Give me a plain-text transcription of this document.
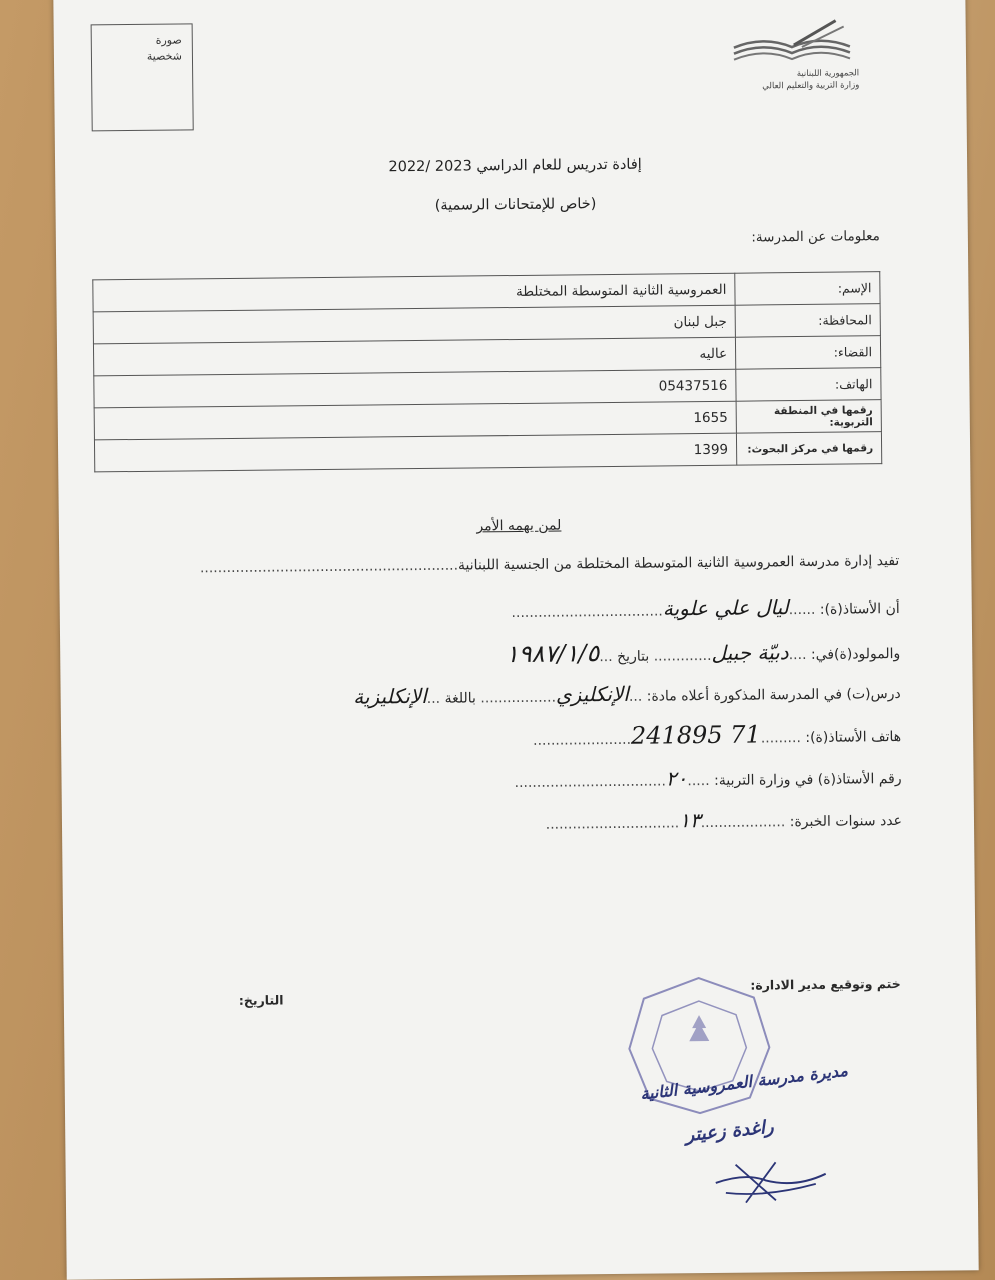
صورة
شخصية
الجمهورية اللبنانية
وزارة التربية والتعليم العالي
إفادة تدريس للعام الدراسي 2023 /2022
(خاص للإمتحانات الرسمية)
معلومات عن المدرسة:
الإسم:	العمروسية الثانية المتوسطة المختلطة
المحافظة:	جبل لبنان
القضاء:	عاليه
الهاتف:	05437516
رقمها في المنطقة التربوية:	1655
رقمها في مركز البحوث:	1399
لمن يهمه الأمر
تفيد إدارة مدرسة العمروسية الثانية المتوسطة المختلطة من الجنسية اللبنانية..........................................................
أن الأستاذ(ة): ......ليال علي علوية..................................
والمولود(ة)في: ....دبيّة جبيل............. بتاريخ ...١٩٨٧/١/٥
درس(ت) في المدرسة المذكورة أعلاه مادة: ...الإنكليزي................. باللغة ...الإنكليزية
هاتف الأستاذ(ة): .........71 241895......................
رقم الأستاذ(ة) في وزارة التربية: .....٢٠..................................
عدد سنوات الخبرة: ...................١٣..............................
ختم وتوقيع مدير الادارة:
التاريخ:
مديرة مدرسة العمروسية الثانية
راغدة زعيتر
